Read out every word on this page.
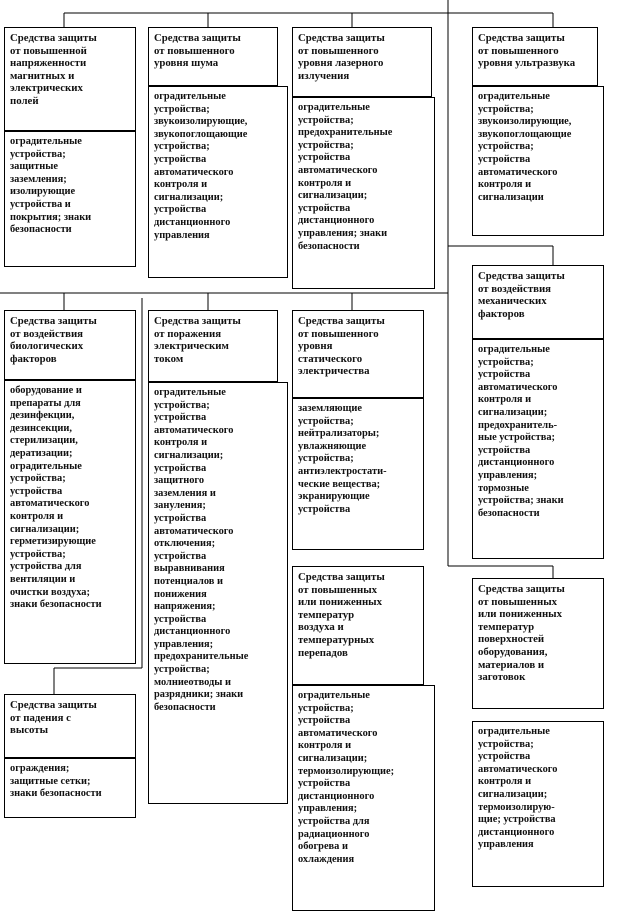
Средства защиты
от повышенной
напряженности
магнитных и
электрических
полей
оградительные
устройства;
защитные
заземления;
изолирующие
устройства и
покрытия; знаки
безопасности
Средства защиты
от повышенного
уровня шума
оградительные
устройства;
звукоизолирующие,
звукопоглощающие
устройства;
устройства
автоматического
контроля и
сигнализации;
устройства
дистанционного
управления
Средства защиты
от повышенного
уровня лазерного
излучения
оградительные
устройства;
предохранительные
устройства;
устройства
автоматического
контроля и
сигнализации;
устройства
дистанционного
управления; знаки
безопасности
Средства защиты
от повышенного
уровня ультразвука
оградительные
устройства;
звукоизолирующие,
звукопоглощающие
устройства;
устройства
автоматического
контроля и
сигнализации
Средства защиты
от воздействия
механических
факторов
оградительные
устройства;
устройства
автоматического
контроля и
сигнализации;
предохранитель-
ные устройства;
устройства
дистанционного
управления;
тормозные
устройства; знаки
безопасности
Средства защиты
от воздействия
биологических
факторов
оборудование и
препараты для
дезинфекции,
дезинсекции,
стерилизации,
дератизации;
оградительные
устройства;
устройства
автоматического
контроля и
сигнализации;
герметизирующие
устройства;
устройства для
вентиляции и
очистки воздуха;
знаки безопасности
Средства защиты
от поражения
электрическим
током
оградительные
устройства;
устройства
автоматического
контроля и
сигнализации;
устройства
защитного
заземления и
зануления;
устройства
автоматического
отключения;
устройства
выравнивания
потенциалов и
понижения
напряжения;
устройства
дистанционного
управления;
предохранительные
устройства;
молниеотводы и
разрядники; знаки
безопасности
Средства защиты
от повышенного
уровня
статического
электричества
заземляющие
устройства;
нейтрализаторы;
увлажняющие
устройства;
антиэлектростати-
ческие вещества;
экранирующие
устройства
Средства защиты
от повышенных
или пониженных
температур
воздуха и
температурных
перепадов
оградительные
устройства;
устройства
автоматического
контроля и
сигнализации;
термоизолирующие;
устройства
дистанционного
управления;
устройства для
радиационного
обогрева и
охлаждения
Средства защиты
от повышенных
или пониженных
температур
поверхностей
оборудования,
материалов и
заготовок
оградительные
устройства;
устройства
автоматического
контроля и
сигнализации;
термоизолирую-
щие; устройства
дистанционного
управления
Средства защиты
от падения с
высоты
ограждения;
защитные сетки;
знаки безопасности
